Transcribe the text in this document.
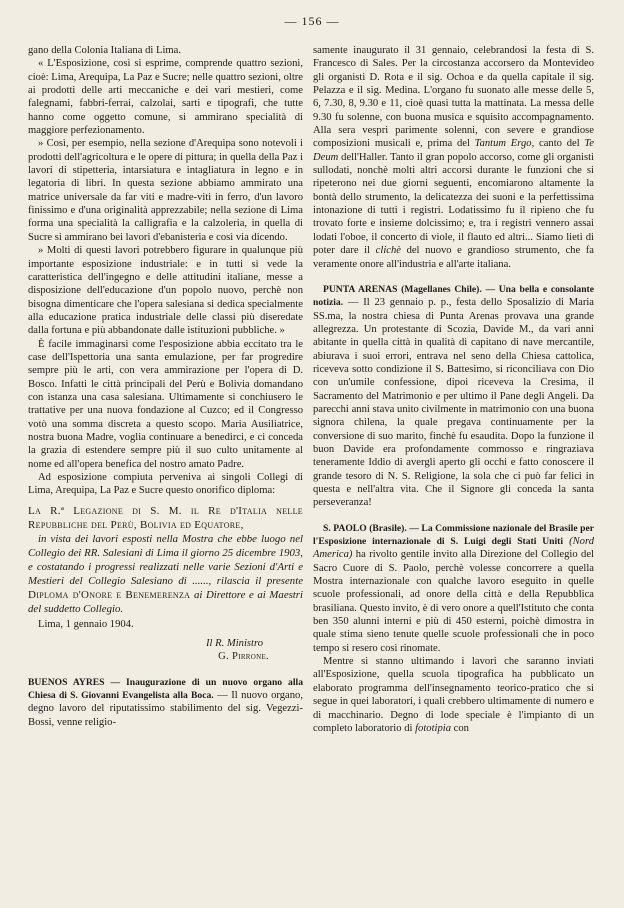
— 156 —

gano della Colonia Italiana di Lima.

« L'Esposizione, così si esprime, comprende quattro sezioni, cioè: Lima, Arequipa, La Paz e Sucre; nelle quattro sezioni, oltre ai prodotti delle arti meccaniche e dei vari mestieri, come falegnami, fabbri-ferrai, calzolai, sarti e tipografi, che tutte hanno come oggetto comune, si ammirano specialità di maggiore perfezionamento.

» Così, per esempio, nella sezione d'Arequipa sono notevoli i prodotti dell'agricoltura e le opere di pittura; in quella della Paz i lavori di stipetteria, intarsiatura e intagliatura in legno e in legatoria di libri. In questa sezione abbiamo ammirato una matrice universale da far viti e madre-viti in ferro, d'un lavoro finissimo e d'una originalità apprezzabile; nella sezione di Lima forma una specialità la calligrafia e la calzoleria, in quella di Sucre si ammirano bei lavori d'ebanisteria e così via dicendo.

» Molti di questi lavori potrebbero figurare in qualunque più importante esposizione industriale: e in tutti si vede la caratteristica dell'ingegno e delle attitudini italiane, messe a disposizione dell'educazione d'un popolo nuovo, perchè non bisogna dimenticare che l'opera salesiana si dedica specialmente alla educazione pratica industriale delle classi più diseredate dalla fortuna e più abbandonate dalle istituzioni pubbliche. »

È facile immaginarsi come l'esposizione abbia eccitato tra le case dell'Ispettoria una santa emulazione, per far progredire sempre più le arti, con vera ammirazione per l'opera di D. Bosco. Infatti le città principali del Perù e Bolivia domandano con istanza una casa salesiana. Ultimamente si conchiusero le trattative per una nuova fondazione al Cuzco; ed il Congresso votò una somma discreta a questo scopo. Maria Ausiliatrice, nostra buona Madre, voglia continuare a benedirci, e ci conceda la grazia di estendere sempre più il suo culto unitamente al nome ed all'opera benefica del nostro amato Padre.

Ad esposizione compiuta perveniva ai singoli Collegi di Lima, Arequipa, La Paz e Sucre questo onorifico diploma:

La R.ª Legazione di S. M. il Re d'Italia nelle Repubbliche del Perù, Bolivia ed Equatore,

in vista dei lavori esposti nella Mostra che ebbe luogo nel Collegio dei RR. Salesiani di Lima il giorno 25 dicembre 1903, e costatando i progressi realizzati nelle varie Sezioni d'Arti e Mestieri del Collegio Salesiano di ......, rilascia il presente Diploma d'Onore e Benemerenza ai Direttore e ai Maestri del suddetto Collegio.

Lima, 1 gennaio 1904.

Il R. Ministro

G. Pirrone.

BUENOS AYRES — Inaugurazione di un nuovo organo alla Chiesa di S. Giovanni Evangelista alla Boca. — Il nuovo organo, degno lavoro del riputatissimo stabilimento del sig. Vegezzi-Bossi, venne religio-

samente inaugurato il 31 gennaio, celebrandosi la festa di S. Francesco di Sales. Per la circostanza accorsero da Montevideo gli organisti D. Rota e il sig. Ochoa e da quella capitale il sig. Pelazza e il sig. Medina. L'organo fu suonato alle messe delle 5, 6, 7.30, 8, 9.30 e 11, cioè quasi tutta la mattinata. La messa delle 9.30 fu solenne, con buona musica e squisito accompagnamento. Alla sera vespri parimente solenni, con severe e grandiose composizioni musicali e, prima del Tantum Ergo, canto del Te Deum dell'Haller. Tanto il gran popolo accorso, come gli organisti sullodati, nonchè molti altri accorsi durante le funzioni che si ripeterono nei due giorni seguenti, encomiarono altamente la bontà dello strumento, la delicatezza dei suoni e la perfettissima intonazione di tutti i registri. Lodatissimo fu il ripieno che fu trovato forte e insieme dolcissimo; e, tra i registri vennero assai lodati l'oboe, il concerto di viole, il flauto ed altri... Siamo lieti di poter dare il clichè del nuovo e grandioso strumento, che fa veramente onore all'industria e all'arte italiana.

PUNTA ARENAS (Magellanes Chile). — Una bella e consolante notizia. — Il 23 gennaio p. p., festa dello Sposalizio di Maria SS.ma, la nostra chiesa di Punta Arenas provava una grande allegrezza. Un protestante di Scozia, Davide M., da vari anni abitante in quella città in qualità di capitano di nave mercantile, abiurava i suoi errori, entrava nel seno della Chiesa cattolica, riceveva sotto condizione il S. Battesimo, si riconciliava con Dio con un'umile confessione, dipoi riceveva la Cresima, il Sacramento del Matrimonio e per ultimo il Pane degli Angeli. Da parecchi anni stava unito civilmente in matrimonio con una buona signora chilena, la quale pregava continuamente per la conversione di suo marito, finchè fu esaudita. Dopo la funzione il buon Davide era profondamente commosso e ringraziava teneramente Iddio di avergli aperto gli occhi e fatto conoscere il grande tesoro di N. S. Religione, la sola che ci può far felici in questa e nell'altra vita. Che il Signore gli conceda la santa perseveranza!

S. PAOLO (Brasile). — La Commissione nazionale del Brasile per l'Esposizione internazionale di S. Luigi degli Stati Uniti (Nord America) ha rivolto gentile invito alla Direzione del Collegio del Sacro Cuore di S. Paolo, perchè volesse concorrere a quella Mostra internazionale con qualche lavoro eseguito in quelle scuole professionali, ad onore della città e della Repubblica brasiliana. Questo invito, è di vero onore a quell'Istituto che conta ben 350 alunni interni e più di 450 esterni, poichè dimostra in quale stima sieno tenute quelle scuole professionali che in poco tempo si resero così rinomate.

Mentre si stanno ultimando i lavori che saranno inviati all'Esposizione, quella scuola tipografica ha pubblicato un elaborato programma dell'insegnamento teorico-pratico che si segue in quei laboratori, i quali crebbero ultimamente di numero e di macchinario. Degno di lode speciale è l'impianto di un completo laboratorio di fototipia con
